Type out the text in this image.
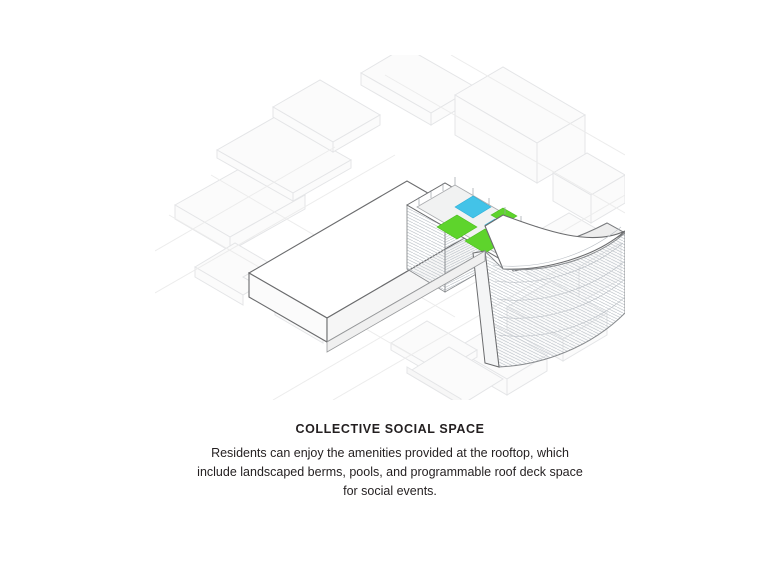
COLLECTIVE SOCIAL SPACE
Residents can enjoy the amenities provided at the rooftop, which
include landscaped berms, pools, and programmable roof deck space
for social events.
